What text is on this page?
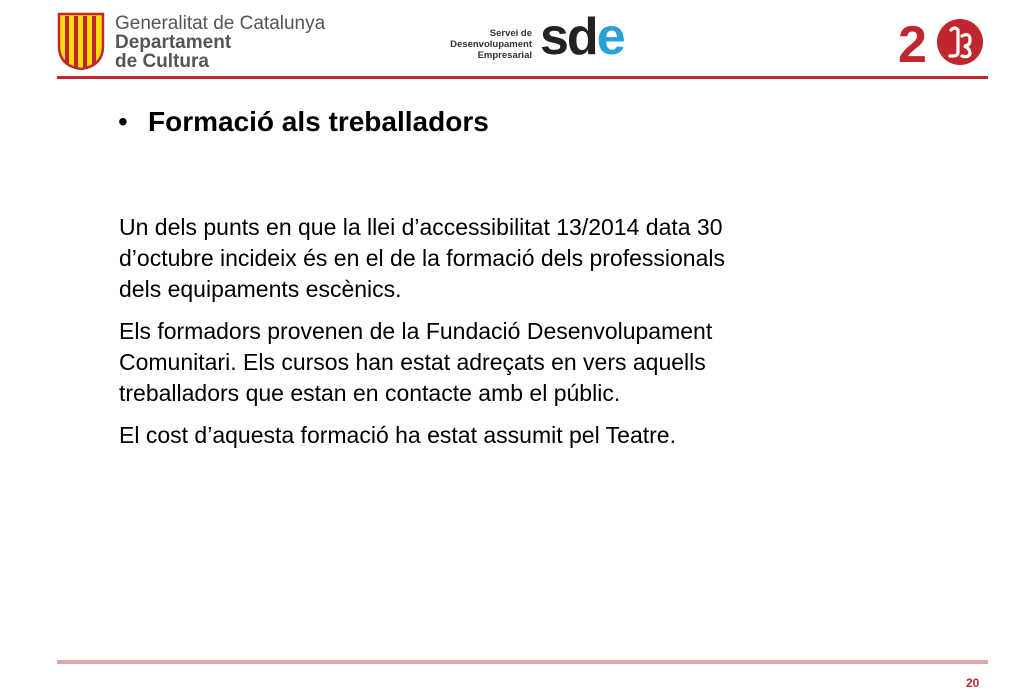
Generalitat de Catalunya
Departament
de Cultura
Servei de
Desenvolupament
Empresarial sde	2
• Formació als treballadors

Un dels punts en que la llei d’accessibilitat 13/2014 data 30 d’octubre incideix és en el de la formació dels professionals dels equipaments escènics.

Els formadors provenen de la Fundació Desenvolupament Comunitari. Els cursos han estat adreçats en vers aquells treballadors que estan en contacte amb el públic.

El cost d’aquesta formació ha estat assumit pel Teatre.

20
